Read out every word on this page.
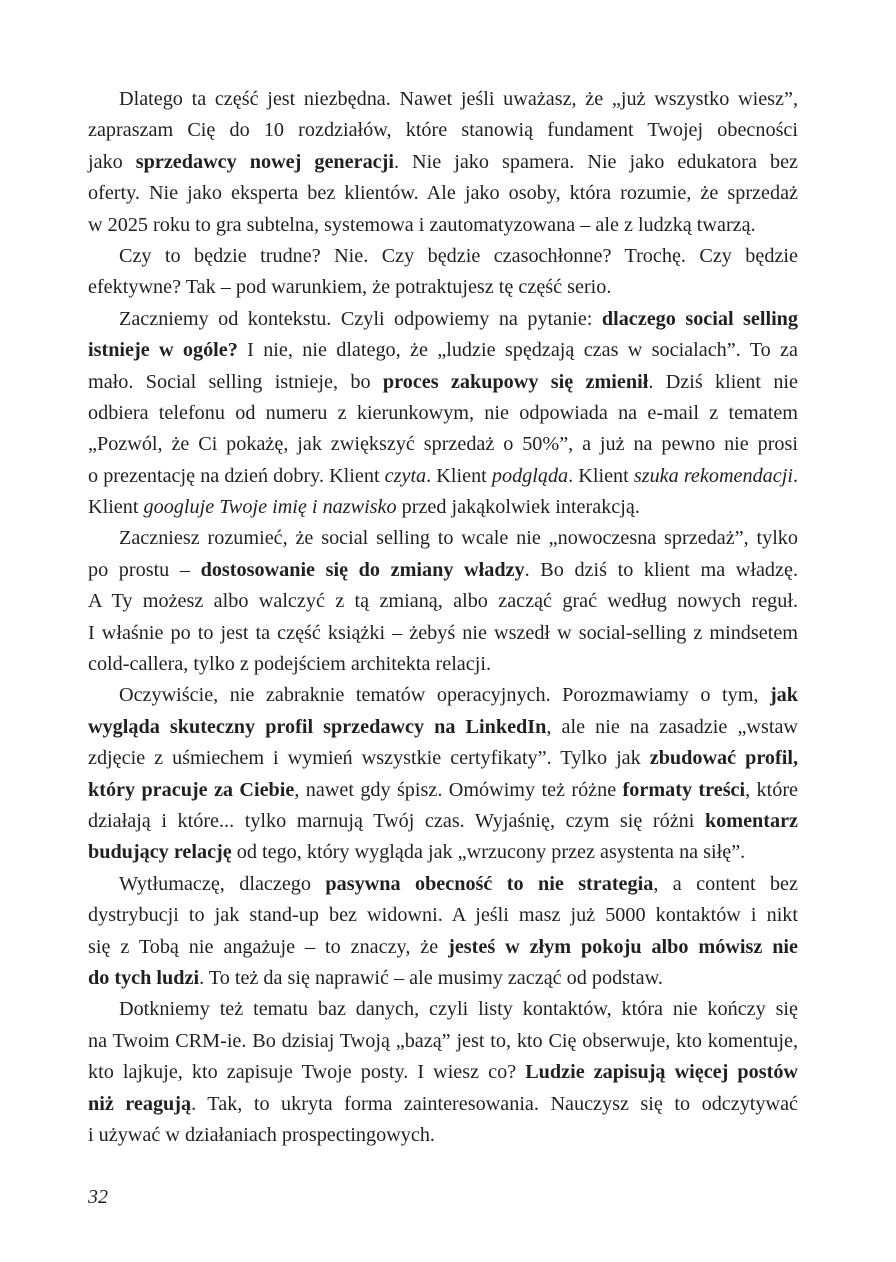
Dlatego ta część jest niezbędna. Nawet jeśli uważasz, że „już wszystko wiesz”,
zapraszam Cię do 10 rozdziałów, które stanowią fundament Twojej obecności
jako sprzedawcy nowej generacji. Nie jako spamera. Nie jako edukatora bez
oferty. Nie jako eksperta bez klientów. Ale jako osoby, która rozumie, że sprzedaż
w 2025 roku to gra subtelna, systemowa i zautomatyzowana – ale z ludzką twarzą.
Czy to będzie trudne? Nie. Czy będzie czasochłonne? Trochę. Czy będzie
efektywne? Tak – pod warunkiem, że potraktujesz tę część serio.
Zaczniemy od kontekstu. Czyli odpowiemy na pytanie: dlaczego social selling
istnieje w ogóle? I nie, nie dlatego, że „ludzie spędzają czas w socialach”. To za
mało. Social selling istnieje, bo proces zakupowy się zmienił. Dziś klient nie
odbiera telefonu od numeru z kierunkowym, nie odpowiada na e-mail z tematem
„Pozwól, że Ci pokażę, jak zwiększyć sprzedaż o 50%”, a już na pewno nie prosi
o prezentację na dzień dobry. Klient czyta. Klient podgląda. Klient szuka rekomendacji.
Klient googluje Twoje imię i nazwisko przed jakąkolwiek interakcją.
Zaczniesz rozumieć, że social selling to wcale nie „nowoczesna sprzedaż”, tylko
po prostu – dostosowanie się do zmiany władzy. Bo dziś to klient ma władzę.
A Ty możesz albo walczyć z tą zmianą, albo zacząć grać według nowych reguł.
I właśnie po to jest ta część książki – żebyś nie wszedł w social-selling z mindsetem
cold-callera, tylko z podejściem architekta relacji.
Oczywiście, nie zabraknie tematów operacyjnych. Porozmawiamy o tym, jak
wygląda skuteczny profil sprzedawcy na LinkedIn, ale nie na zasadzie „wstaw
zdjęcie z uśmiechem i wymień wszystkie certyfikaty”. Tylko jak zbudować profil,
który pracuje za Ciebie, nawet gdy śpisz. Omówimy też różne formaty treści, które
działają i które... tylko marnują Twój czas. Wyjaśnię, czym się różni komentarz
budujący relację od tego, który wygląda jak „wrzucony przez asystenta na siłę”.
Wytłumaczę, dlaczego pasywna obecność to nie strategia, a content bez
dystrybucji to jak stand-up bez widowni. A jeśli masz już 5000 kontaktów i nikt
się z Tobą nie angażuje – to znaczy, że jesteś w złym pokoju albo mówisz nie
do tych ludzi. To też da się naprawić – ale musimy zacząć od podstaw.
Dotkniemy też tematu baz danych, czyli listy kontaktów, która nie kończy się
na Twoim CRM-ie. Bo dzisiaj Twoją „bazą” jest to, kto Cię obserwuje, kto komentuje,
kto lajkuje, kto zapisuje Twoje posty. I wiesz co? Ludzie zapisują więcej postów
niż reagują. Tak, to ukryta forma zainteresowania. Nauczysz się to odczytywać
i używać w działaniach prospectingowych.
32
